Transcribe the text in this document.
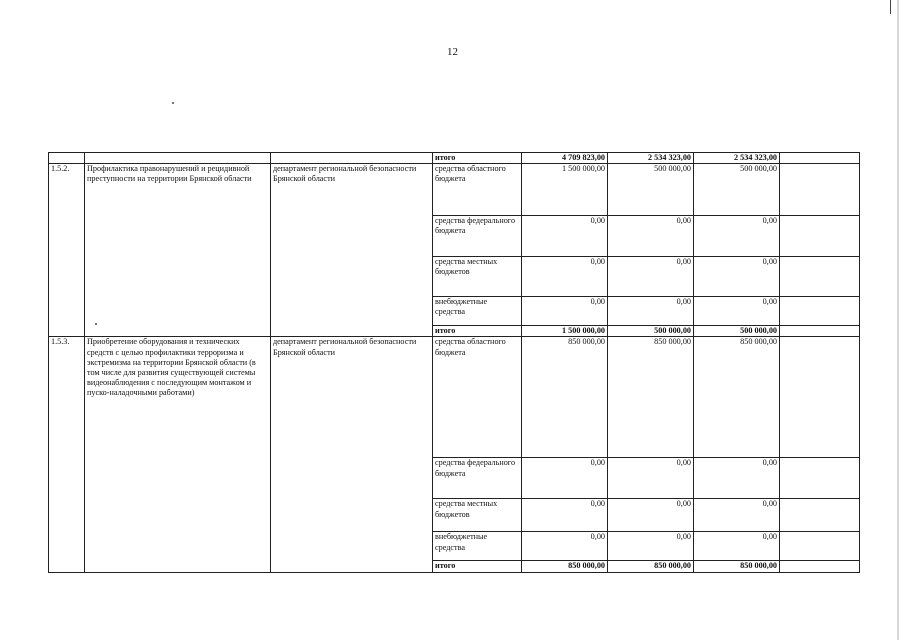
12
			итого	4 709 823,00	2 534 323,00	2 534 323,00	
1.5.2.	Профилактика правонарушений и рецидивной преступности на территории Брянской области	департамент региональной безопасности Брянской области	средства областного бюджета	1 500 000,00	500 000,00	500 000,00	
			средства федерального бюджета	0,00	0,00	0,00	
			средства местных бюджетов	0,00	0,00	0,00	
			внебюджетные средства	0,00	0,00	0,00	
			итого	1 500 000,00	500 000,00	500 000,00	
1.5.3.	Приобретение оборудования и технических средств с целью профилактики терроризма и экстремизма на территории Брянской области (в том числе для развития существующей системы видеонаблюдения с последующим монтажом и пуско-наладочными работами)	департамент региональной безопасности Брянской области	средства областного бюджета	850 000,00	850 000,00	850 000,00	
			средства федерального бюджета	0,00	0,00	0,00	
			средства местных бюджетов	0,00	0,00	0,00	
			внебюджетные средства	0,00	0,00	0,00	
			итого	850 000,00	850 000,00	850 000,00	
